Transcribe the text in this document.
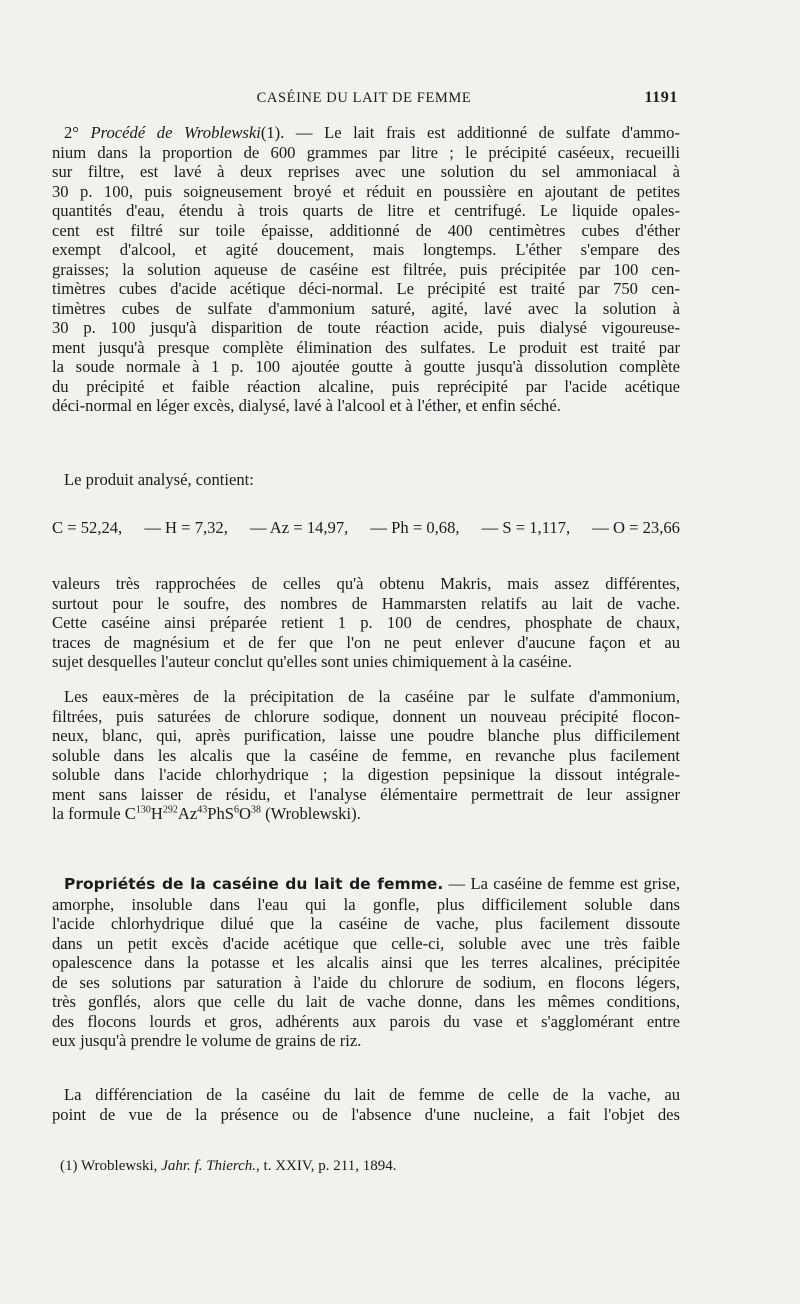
CASÉINE DU LAIT DE FEMME	1191
2° Procédé de Wroblewski(1). — Le lait frais est additionné de sulfate d'ammo-
nium dans la proportion de 600 grammes par litre ; le précipité caséeux, recueilli
sur filtre, est lavé à deux reprises avec une solution du sel ammoniacal à
30 p. 100, puis soigneusement broyé et réduit en poussière en ajoutant de petites
quantités d'eau, étendu à trois quarts de litre et centrifugé. Le liquide opales-
cent est filtré sur toile épaisse, additionné de 400 centimètres cubes d'éther
exempt d'alcool, et agité doucement, mais longtemps. L'éther s'empare des
graisses; la solution aqueuse de caséine est filtrée, puis précipitée par 100 cen-
timètres cubes d'acide acétique déci-normal. Le précipité est traité par 750 cen-
timètres cubes de sulfate d'ammonium saturé, agité, lavé avec la solution à
30 p. 100 jusqu'à disparition de toute réaction acide, puis dialysé vigoureuse-
ment jusqu'à presque complète élimination des sulfates. Le produit est traité par
la soude normale à 1 p. 100 ajoutée goutte à goutte jusqu'à dissolution complète
du précipité et faible réaction alcaline, puis reprécipité par l'acide acétique
déci-normal en léger excès, dialysé, lavé à l'alcool et à l'éther, et enfin séché.
Le produit analysé, contient:
C = 52,24, — H = 7,32, — Az = 14,97, — Ph = 0,68, — S = 1,117, — O = 23,66
valeurs très rapprochées de celles qu'à obtenu Makris, mais assez différentes,
surtout pour le soufre, des nombres de Hammarsten relatifs au lait de vache.
Cette caséine ainsi préparée retient 1 p. 100 de cendres, phosphate de chaux,
traces de magnésium et de fer que l'on ne peut enlever d'aucune façon et au
sujet desquelles l'auteur conclut qu'elles sont unies chimiquement à la caséine.
Les eaux-mères de la précipitation de la caséine par le sulfate d'ammonium,
filtrées, puis saturées de chlorure sodique, donnent un nouveau précipité flocon-
neux, blanc, qui, après purification, laisse une poudre blanche plus difficilement
soluble dans les alcalis que la caséine de femme, en revanche plus facilement
soluble dans l'acide chlorhydrique ; la digestion pepsinique la dissout intégrale-
ment sans laisser de résidu, et l'analyse élémentaire permettrait de leur assigner
la formule $C^{130}H^{292}Az^{43}PhS^6O^{38}$ (Wroblewski).
Propriétés de la caséine du lait de femme. — La caséine de femme est grise,
amorphe, insoluble dans l'eau qui la gonfle, plus difficilement soluble dans
l'acide chlorhydrique dilué que la caséine de vache, plus facilement dissoute
dans un petit excès d'acide acétique que celle-ci, soluble avec une très faible
opalescence dans la potasse et les alcalis ainsi que les terres alcalines, précipitée
de ses solutions par saturation à l'aide du chlorure de sodium, en flocons légers,
très gonflés, alors que celle du lait de vache donne, dans les mêmes conditions,
des flocons lourds et gros, adhérents aux parois du vase et s'agglomérant entre
eux jusqu'à prendre le volume de grains de riz.
La différenciation de la caséine du lait de femme de celle de la vache, au
point de vue de la présence ou de l'absence d'une nucleine, a fait l'objet des
(1) Wroblewski, Jahr. f. Thierch., t. XXIV, p. 211, 1894.
